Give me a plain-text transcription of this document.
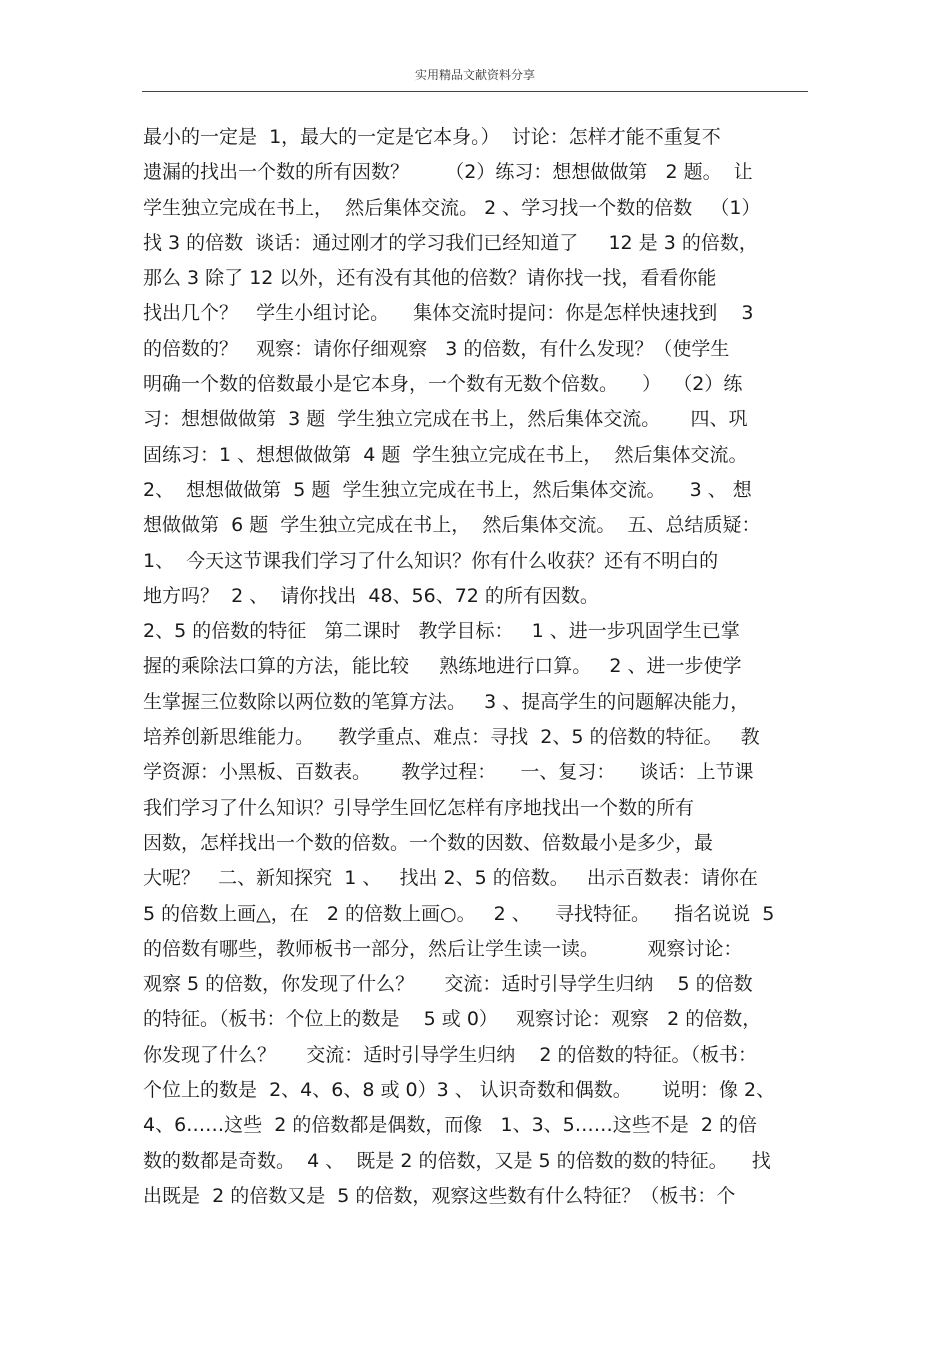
实用精品文献资料分享
最小的一定是  1，最大的一定是它本身。）  讨论：怎样才能不重复不
遗漏的找出一个数的所有因数？      （2）练习：想想做做第   2 题。  让
学生独立完成在书上，  然后集体交流。 2 、学习找一个数的倍数   （1）
找 3 的倍数  谈话：通过刚才的学习我们已经知道了     12 是 3 的倍数，
那么 3 除了 12 以外，还有没有其他的倍数？请你找一找，看看你能
找出几个？   学生小组讨论。    集体交流时提问：你是怎样快速找到    3
的倍数的？   观察：请你仔细观察   3 的倍数，有什么发现？（使学生
明确一个数的倍数最小是它本身，一个数有无数个倍数。    ）  （2）练
习：想想做做第  3 题  学生独立完成在书上，然后集体交流。     四、巩
固练习：1 、想想做做第  4 题  学生独立完成在书上，  然后集体交流。
2、  想想做做第  5 题  学生独立完成在书上，然后集体交流。    3 、 想
想做做第  6 题  学生独立完成在书上，  然后集体交流。  五、总结质疑：
1、  今天这节课我们学习了什么知识？你有什么收获？还有不明白的
地方吗？  2 、  请你找出  48、56、72 的所有因数。
2、5 的倍数的特征   第二课时   教学目标：   1 、进一步巩固学生已掌
握的乘除法口算的方法，能比较     熟练地进行口算。   2 、进一步使学
生掌握三位数除以两位数的笔算方法。   3 、提高学生的问题解决能力，
培养创新思维能力。    教学重点、难点：寻找  2、5 的倍数的特征。   教
学资源：小黑板、百数表。     教学过程：    一、复习：    谈话：上节课
我们学习了什么知识？引导学生回忆怎样有序地找出一个数的所有
因数，怎样找出一个数的倍数。一个数的因数、倍数最小是多少，最
大呢？   二、新知探究  1 、   找出 2、5 的倍数。   出示百数表：请你在
5 的倍数上画△，在   2 的倍数上画○。   2 、    寻找特征。    指名说说  5
的倍数有哪些，教师板书一部分，然后让学生读一读。        观察讨论：
观察 5 的倍数，你发现了什么？     交流：适时引导学生归纳    5 的倍数
的特征。（板书：个位上的数是    5 或 0）   观察讨论：观察   2 的倍数，
你发现了什么？     交流：适时引导学生归纳    2 的倍数的特征。（板书：
个位上的数是  2、4、6、8 或 0）3 、 认识奇数和偶数。     说明：像 2、
4、6……这些  2 的倍数都是偶数，而像   1、3、5……这些不是  2 的倍
数的数都是奇数。  4 、  既是 2 的倍数，又是 5 的倍数的数的特征。    找
出既是  2 的倍数又是  5 的倍数，观察这些数有什么特征？（板书：个
